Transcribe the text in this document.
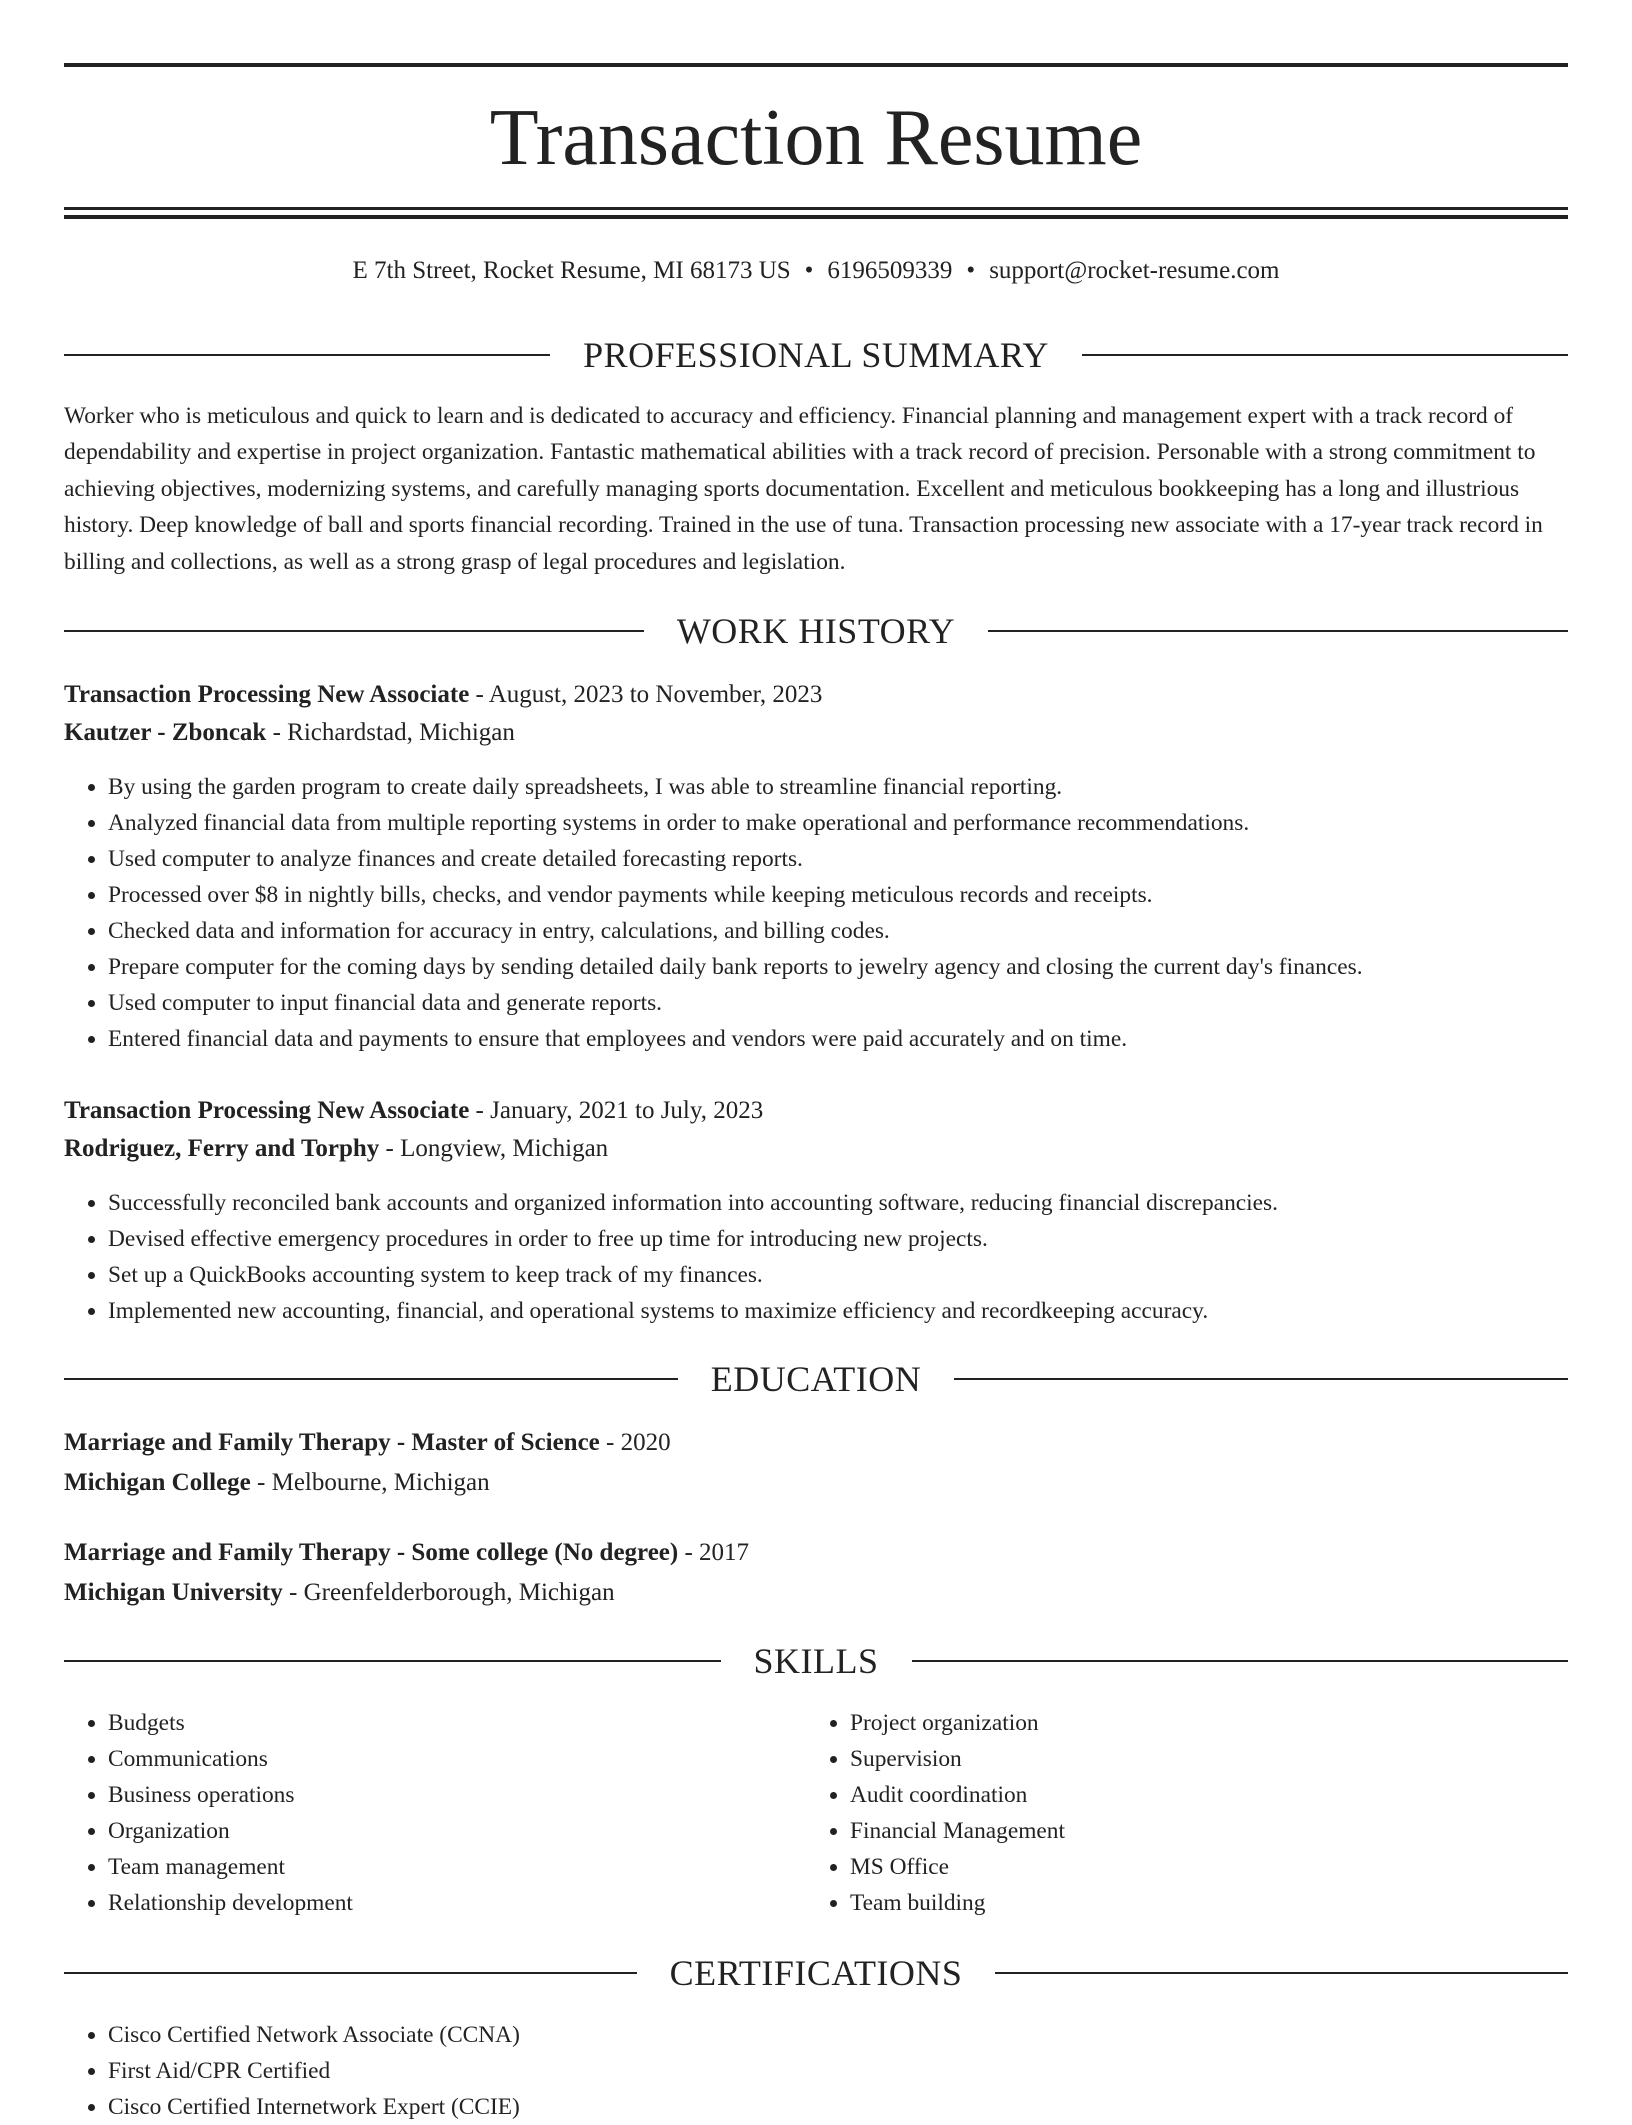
Transaction Resume
E 7th Street, Rocket Resume, MI 68173 US • 6196509339 • support@rocket-resume.com
PROFESSIONAL SUMMARY

Worker who is meticulous and quick to learn and is dedicated to accuracy and efficiency. Financial planning and management expert with a track record of dependability and expertise in project organization. Fantastic mathematical abilities with a track record of precision. Personable with a strong commitment to achieving objectives, modernizing systems, and carefully managing sports documentation. Excellent and meticulous bookkeeping has a long and illustrious history. Deep knowledge of ball and sports financial recording. Trained in the use of tuna. Transaction processing new associate with a 17-year track record in billing and collections, as well as a strong grasp of legal procedures and legislation.

WORK HISTORY
Transaction Processing New Associate - August, 2023 to November, 2023
Kautzer - Zboncak - Richardstad, Michigan
• By using the garden program to create daily spreadsheets, I was able to streamline financial reporting.
• Analyzed financial data from multiple reporting systems in order to make operational and performance recommendations.
• Used computer to analyze finances and create detailed forecasting reports.
• Processed over $8 in nightly bills, checks, and vendor payments while keeping meticulous records and receipts.
• Checked data and information for accuracy in entry, calculations, and billing codes.
• Prepare computer for the coming days by sending detailed daily bank reports to jewelry agency and closing the current day's finances.
• Used computer to input financial data and generate reports.
• Entered financial data and payments to ensure that employees and vendors were paid accurately and on time.
Transaction Processing New Associate - January, 2021 to July, 2023
Rodriguez, Ferry and Torphy - Longview, Michigan
• Successfully reconciled bank accounts and organized information into accounting software, reducing financial discrepancies.
• Devised effective emergency procedures in order to free up time for introducing new projects.
• Set up a QuickBooks accounting system to keep track of my finances.
• Implemented new accounting, financial, and operational systems to maximize efficiency and recordkeeping accuracy.
EDUCATION
Marriage and Family Therapy - Master of Science - 2020
Michigan College - Melbourne, Michigan
Marriage and Family Therapy - Some college (No degree) - 2017
Michigan University - Greenfelderborough, Michigan
SKILLS
• Budgets
• Communications
• Business operations
• Organization
• Team management
• Relationship development
• Project organization
• Supervision
• Audit coordination
• Financial Management
• MS Office
• Team building
CERTIFICATIONS
• Cisco Certified Network Associate (CCNA)
• First Aid/CPR Certified
• Cisco Certified Internetwork Expert (CCIE)
